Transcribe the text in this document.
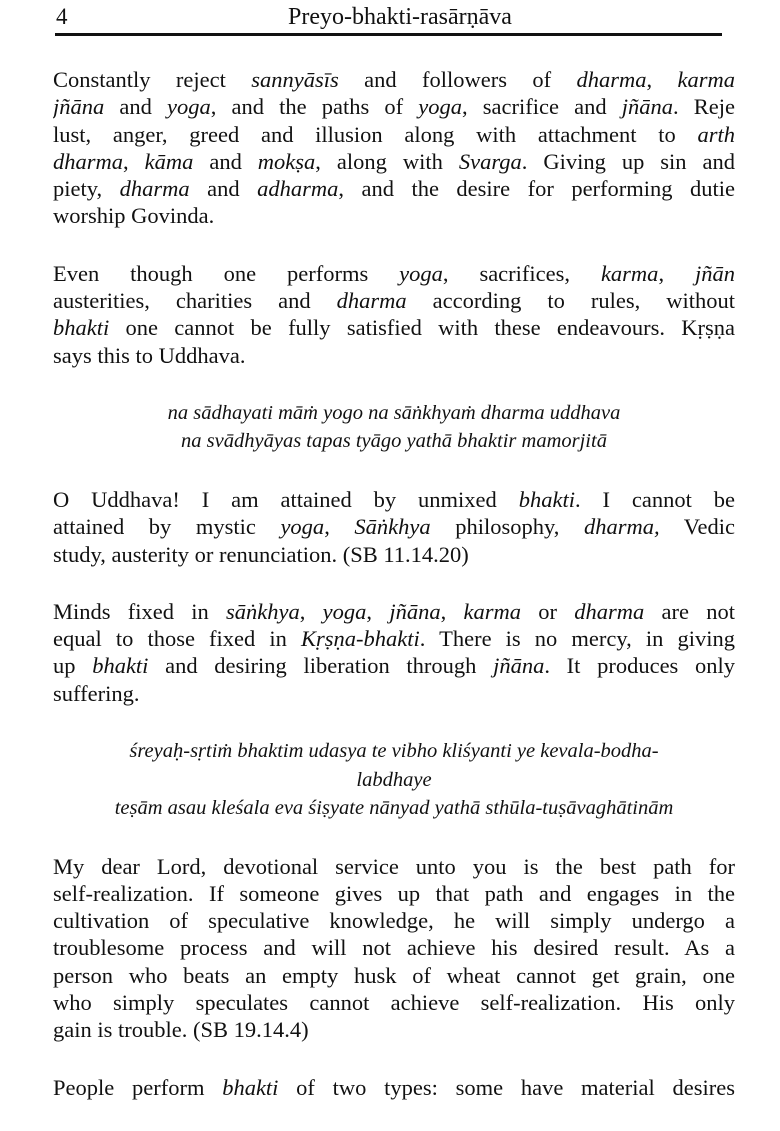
4	Preyo-bhakti-rasārṇāva
Constantly reject sannyāsīs and followers of dharma, karma
jñāna and yoga, and the paths of yoga, sacrifice and jñāna. Reje
lust, anger, greed and illusion along with attachment to arth
dharma, kāma and mokṣa, along with Svarga. Giving up sin and
piety, dharma and adharma, and the desire for performing dutie
worship Govinda.
Even though one performs yoga, sacrifices, karma, jñān
austerities, charities and dharma according to rules, without
bhakti one cannot be fully satisfied with these endeavours. Kṛṣṇa
says this to Uddhava.
na sādhayati māṁ yogo na sāṅkhyaṁ dharma uddhava
na svādhyāyas tapas tyāgo yathā bhaktir mamorjitā
O Uddhava! I am attained by unmixed bhakti. I cannot be
attained by mystic yoga, Sāṅkhya philosophy, dharma, Vedic
study, austerity or renunciation. (SB 11.14.20)
Minds fixed in sāṅkhya, yoga, jñāna, karma or dharma are not
equal to those fixed in Kṛṣṇa-bhakti. There is no mercy, in giving
up bhakti and desiring liberation through jñāna. It produces only
suffering.
śreyaḥ-sṛtiṁ bhaktim udasya te vibho kliśyanti ye kevala-bodha-
labdhaye
teṣām asau kleśala eva śiṣyate nānyad yathā sthūla-tuṣāvaghātinām
My dear Lord, devotional service unto you is the best path for
self-realization. If someone gives up that path and engages in the
cultivation of speculative knowledge, he will simply undergo a
troublesome process and will not achieve his desired result. As a
person who beats an empty husk of wheat cannot get grain, one
who simply speculates cannot achieve self-realization. His only
gain is trouble. (SB 19.14.4)
People perform bhakti of two types: some have material desires
